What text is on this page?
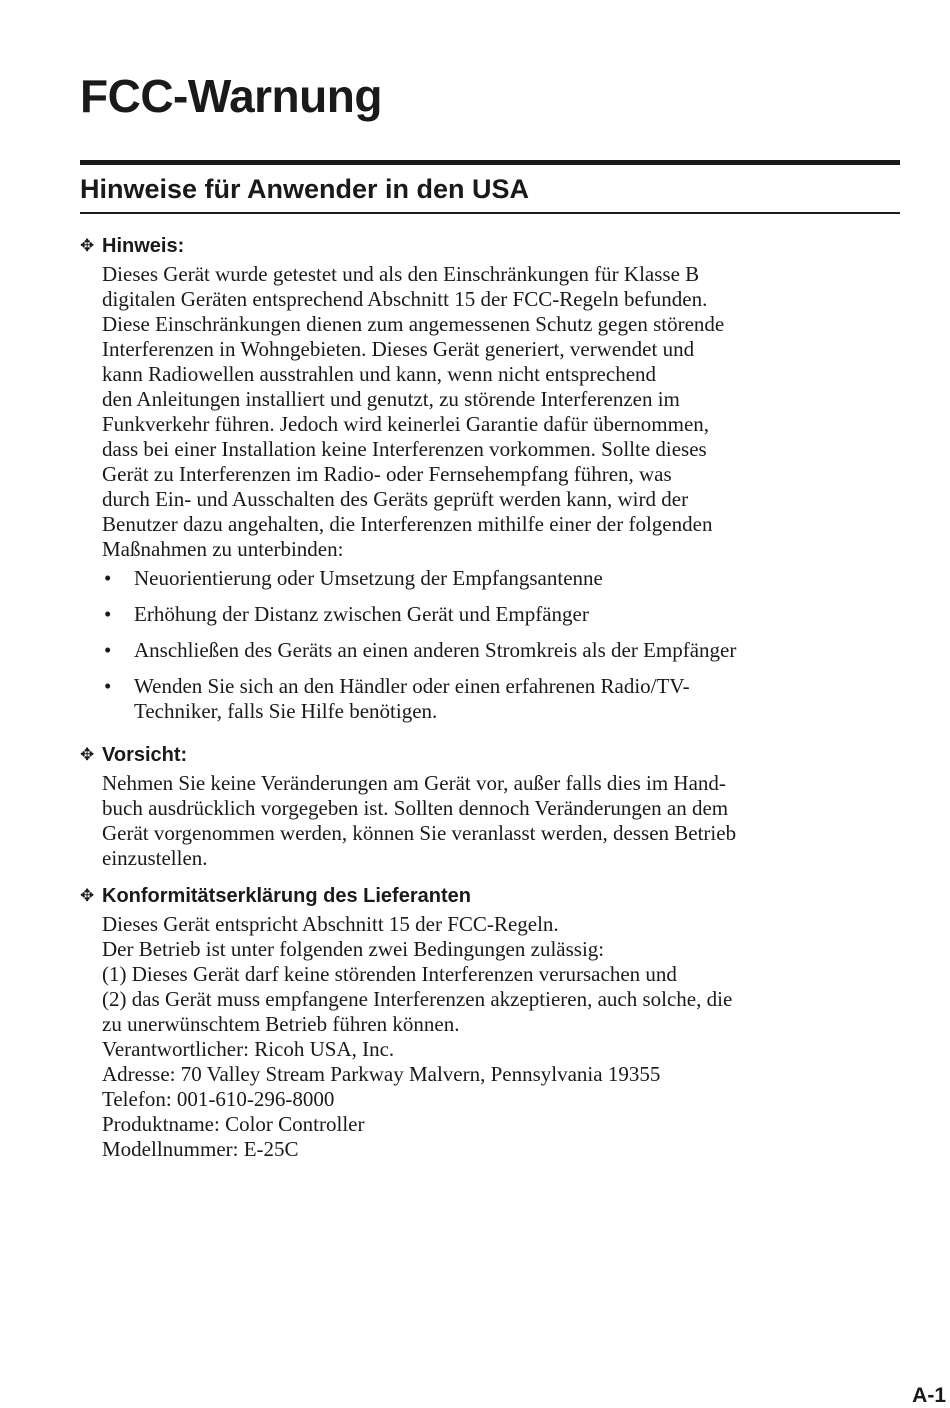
FCC-Warnung
Hinweise für Anwender in den USA
✥ Hinweis:
Dieses Gerät wurde getestet und als den Einschränkungen für Klasse B
digitalen Geräten entsprechend Abschnitt 15 der FCC-Regeln befunden.
Diese Einschränkungen dienen zum angemessenen Schutz gegen störende
Interferenzen in Wohngebieten. Dieses Gerät generiert, verwendet und
kann Radiowellen ausstrahlen und kann, wenn nicht entsprechend
den Anleitungen installiert und genutzt, zu störende Interferenzen im
Funkverkehr führen. Jedoch wird keinerlei Garantie dafür übernommen,
dass bei einer Installation keine Interferenzen vorkommen. Sollte dieses
Gerät zu Interferenzen im Radio- oder Fernsehempfang führen, was
durch Ein- und Ausschalten des Geräts geprüft werden kann, wird der
Benutzer dazu angehalten, die Interferenzen mithilfe einer der folgenden
Maßnahmen zu unterbinden:
• Neuorientierung oder Umsetzung der Empfangsantenne
• Erhöhung der Distanz zwischen Gerät und Empfänger
• Anschließen des Geräts an einen anderen Stromkreis als der Empfänger
• Wenden Sie sich an den Händler oder einen erfahrenen Radio/TV-
Techniker, falls Sie Hilfe benötigen.
✥ Vorsicht:
Nehmen Sie keine Veränderungen am Gerät vor, außer falls dies im Hand-
buch ausdrücklich vorgegeben ist. Sollten dennoch Veränderungen an dem
Gerät vorgenommen werden, können Sie veranlasst werden, dessen Betrieb
einzustellen.
✥ Konformitätserklärung des Lieferanten
Dieses Gerät entspricht Abschnitt 15 der FCC-Regeln.
Der Betrieb ist unter folgenden zwei Bedingungen zulässig:
(1) Dieses Gerät darf keine störenden Interferenzen verursachen und
(2) das Gerät muss empfangene Interferenzen akzeptieren, auch solche, die
zu unerwünschtem Betrieb führen können.
Verantwortlicher: Ricoh USA, Inc.
Adresse: 70 Valley Stream Parkway Malvern, Pennsylvania 19355
Telefon: 001-610-296-8000
Produktname: Color Controller
Modellnummer: E-25C
A-1
